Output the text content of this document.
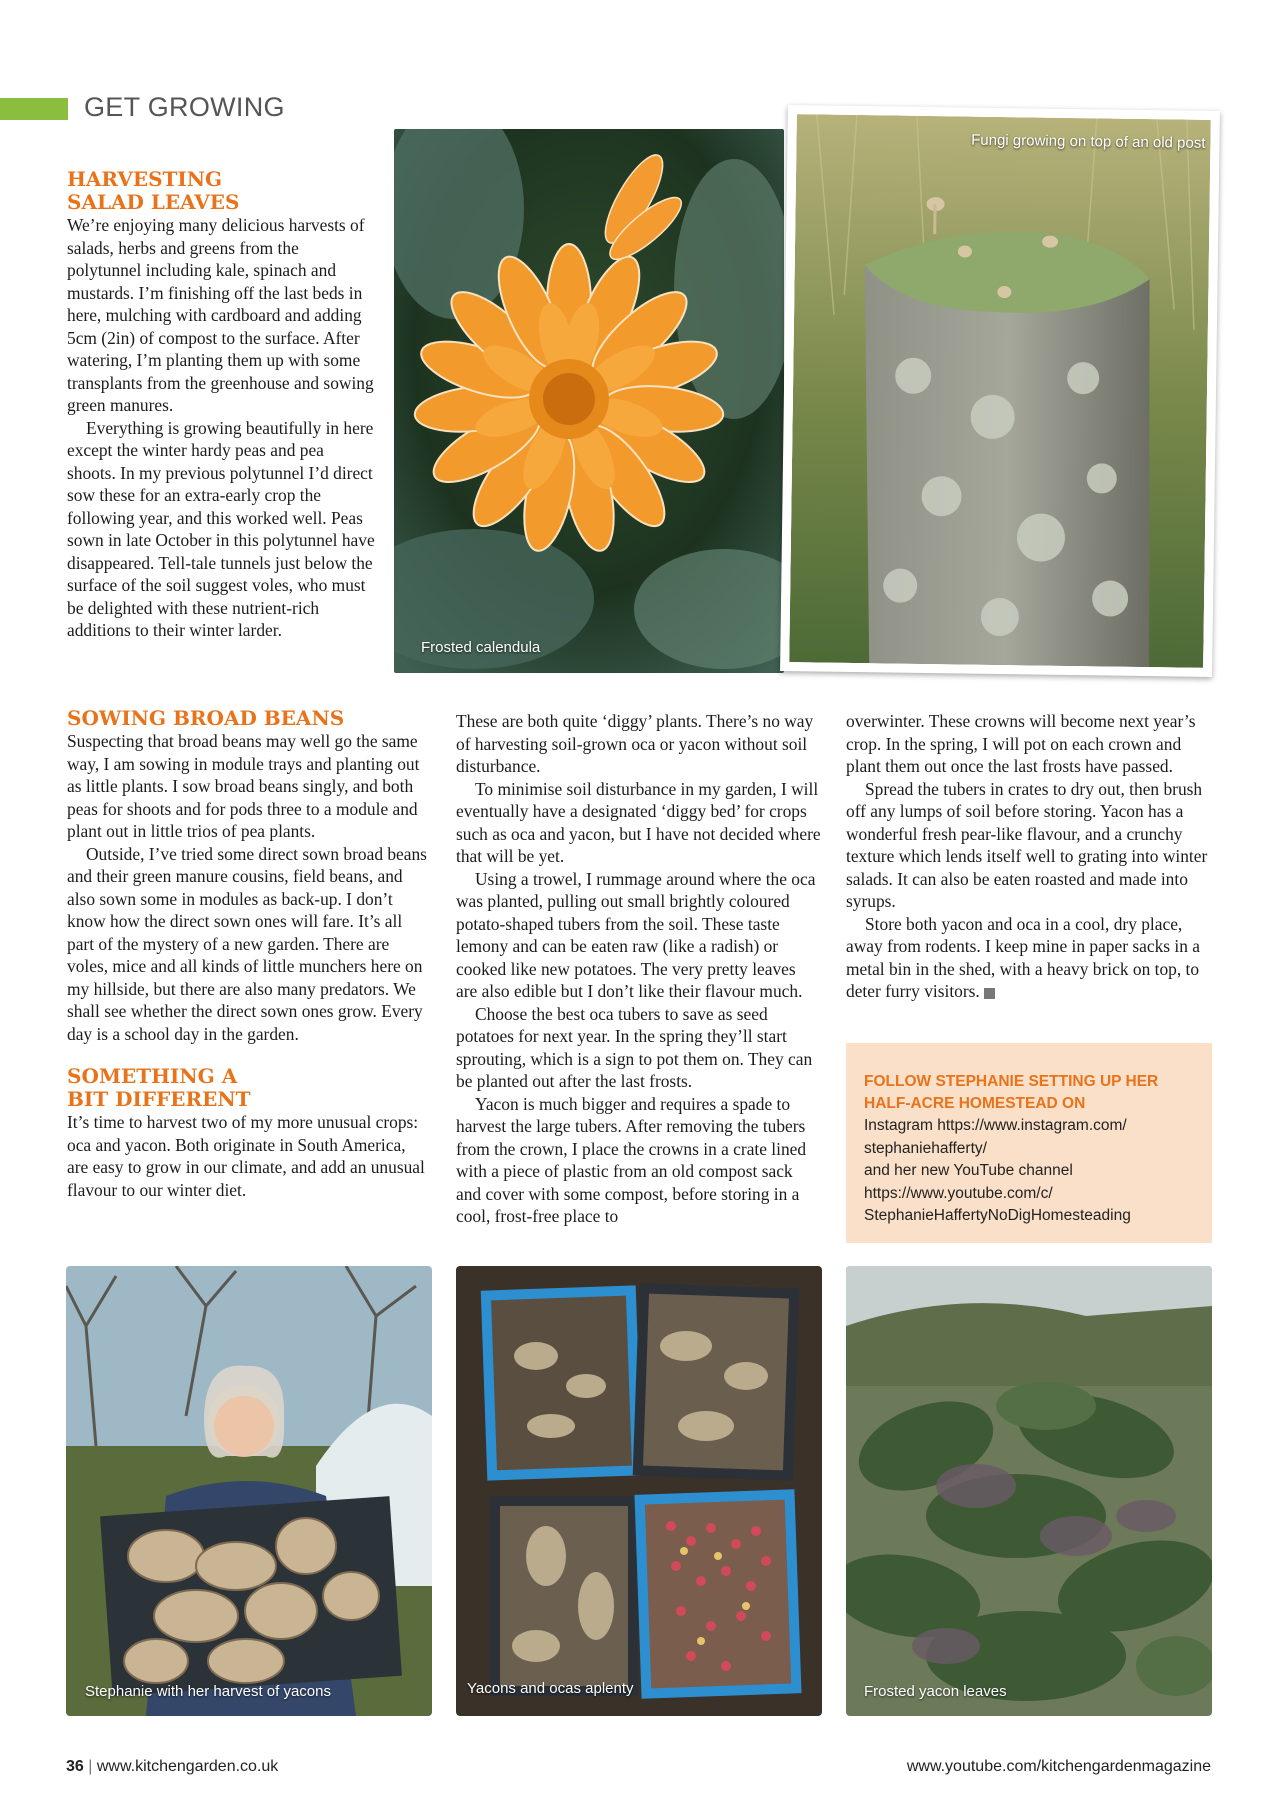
GET GROWING
HARVESTING
SALAD LEAVES

We’re enjoying many delicious harvests of salads, herbs and greens from the polytunnel including kale, spinach and mustards. I’m finishing off the last beds in here, mulching with cardboard and adding 5cm (2in) of compost to the surface. After watering, I’m planting them up with some transplants from the greenhouse and sowing green manures.

Everything is growing beautifully in here except the winter hardy peas and pea shoots. In my previous polytunnel I’d direct sow these for an extra-early crop the following year, and this worked well. Peas sown in late October in this polytunnel have disappeared. Tell-tale tunnels just below the surface of the soil suggest voles, who must be delighted with these nutrient-rich additions to their winter larder.

Frosted calendula
Fungi growing on top of an old post
SOWING BROAD BEANS

Suspecting that broad beans may well go the same way, I am sowing in module trays and planting out as little plants. I sow broad beans singly, and both peas for shoots and for pods three to a module and plant out in little trios of pea plants.

Outside, I’ve tried some direct sown broad beans and their green manure cousins, field beans, and also sown some in modules as back-up. I don’t know how the direct sown ones will fare. It’s all part of the mystery of a new garden. There are voles, mice and all kinds of little munchers here on my hillside, but there are also many predators. We shall see whether the direct sown ones grow. Every day is a school day in the garden.

SOMETHING A
BIT DIFFERENT

It’s time to harvest two of my more unusual crops: oca and yacon. Both originate in South America, are easy to grow in our climate, and add an unusual flavour to our winter diet.

These are both quite ‘diggy’ plants. There’s no way of harvesting soil-grown oca or yacon without soil disturbance.

To minimise soil disturbance in my garden, I will eventually have a designated ‘diggy bed’ for crops such as oca and yacon, but I have not decided where that will be yet.

Using a trowel, I rummage around where the oca was planted, pulling out small brightly coloured potato-shaped tubers from the soil. These taste lemony and can be eaten raw (like a radish) or cooked like new potatoes. The very pretty leaves are also edible but I don’t like their flavour much.

Choose the best oca tubers to save as seed potatoes for next year. In the spring they’ll start sprouting, which is a sign to pot them on. They can be planted out after the last frosts.

Yacon is much bigger and requires a spade to harvest the large tubers. After removing the tubers from the crown, I place the crowns in a crate lined with a piece of plastic from an old compost sack and cover with some compost, before storing in a cool, frost-free place to

overwinter. These crowns will become next year’s crop. In the spring, I will pot on each crown and plant them out once the last frosts have passed.

Spread the tubers in crates to dry out, then brush off any lumps of soil before storing. Yacon has a wonderful fresh pear-like flavour, and a crunchy texture which lends itself well to grating into winter salads. It can also be eaten roasted and made into syrups.

Store both yacon and oca in a cool, dry place, away from rodents. I keep mine in paper sacks in a metal bin in the shed, with a heavy brick on top, to deter furry visitors.

FOLLOW STEPHANIE SETTING UP HER
HALF-ACRE HOMESTEAD ON

Instagram https://www.instagram.com/
stephaniehafferty/

and her new YouTube channel

https://www.youtube.com/c/
StephanieHaffertyNoDigHomesteading

Stephanie with her harvest of yacons	Yacons and ocas aplenty	Frosted yacon leaves
36 | www.kitchengarden.co.uk	www.youtube.com/kitchengardenmagazine
